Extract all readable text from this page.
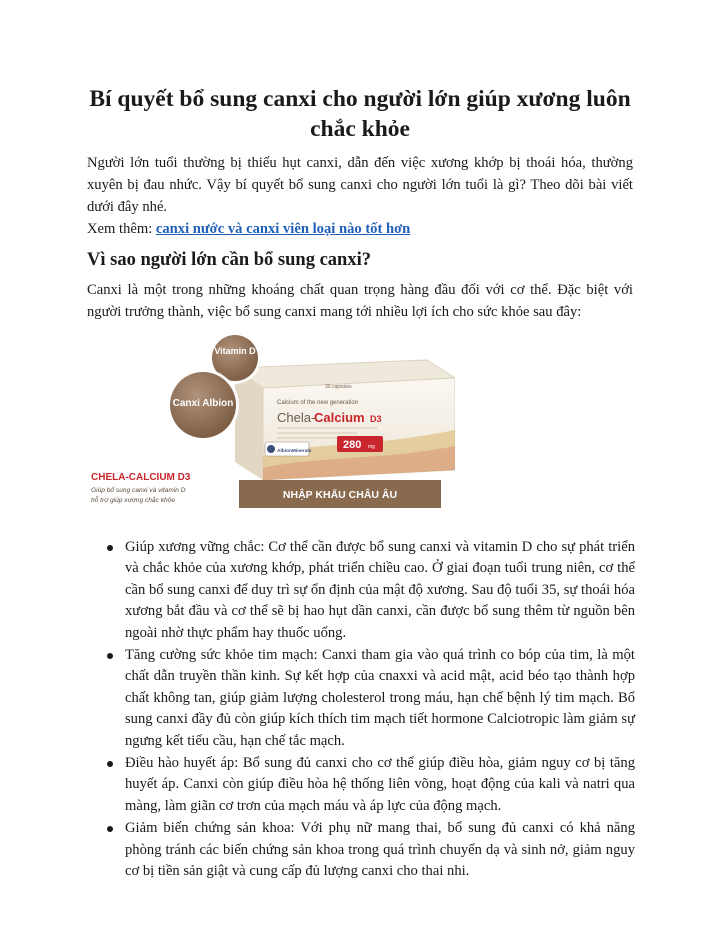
Bí quyết bổ sung canxi cho người lớn giúp xương luôn chắc khỏe

Người lớn tuổi thường bị thiếu hụt canxi, dẫn đến việc xương khớp bị thoái hóa, thường xuyên bị đau nhức. Vậy bí quyết bổ sung canxi cho người lớn tuổi là gì? Theo dõi bài viết dưới đây nhé.

Xem thêm: canxi nước và canxi viên loại nào tốt hơn

Vì sao người lớn cần bổ sung canxi?

Canxi là một trong những khoáng chất quan trọng hàng đầu đối với cơ thể. Đặc biệt với người trưởng thành, việc bổ sung canxi mang tới nhiều lợi ích cho sức khỏe sau đây:

30 capsules
Calcium of the new generation
Chela-
Calcium D3
AlbionMinerals
280 mg
Vitamin D
Canxi Albion
CHELA-CALCIUM D3
Giúp bổ sung canxi và vitamin D
hỗ trợ giúp xương chắc khỏe	NHẬP KHẨU CHÂU ÂU
Giúp xương vững chắc: Cơ thể cần được bổ sung canxi và vitamin D cho sự phát triển và chắc khỏe của xương khớp, phát triển chiều cao. Ở giai đoạn tuổi trung niên, cơ thể cần bổ sung canxi để duy trì sự ổn định của mật độ xương. Sau độ tuổi 35, sự thoái hóa xương bắt đầu và cơ thể sẽ bị hao hụt dần canxi, cần được bổ sung thêm từ nguồn bên ngoài nhờ thực phẩm hay thuốc uống.
Tăng cường sức khỏe tim mạch: Canxi tham gia vào quá trình co bóp của tim, là một chất dẫn truyền thần kinh. Sự kết hợp của cnaxxi và acid mật, acid béo tạo thành hợp chất không tan, giúp giảm lượng cholesterol trong máu, hạn chế bệnh lý tim mạch. Bổ sung canxi đầy đủ còn giúp kích thích tim mạch tiết hormone Calciotropic làm giảm sự ngưng kết tiểu cầu, hạn chế tắc mạch.
Điều hào huyết áp: Bổ sung đủ canxi cho cơ thể giúp điều hòa, giảm nguy cơ bị tăng huyết áp. Canxi còn giúp điều hòa hệ thống liên võng, hoạt động của kali và natri qua màng, làm giãn cơ trơn của mạch máu và áp lực của động mạch.
Giảm biến chứng sản khoa: Với phụ nữ mang thai, bổ sung đủ canxi có khả năng phòng tránh các biến chứng sản khoa trong quá trình chuyển dạ và sinh nở, giảm nguy cơ bị tiền sản giật và cung cấp đủ lượng canxi cho thai nhi.
